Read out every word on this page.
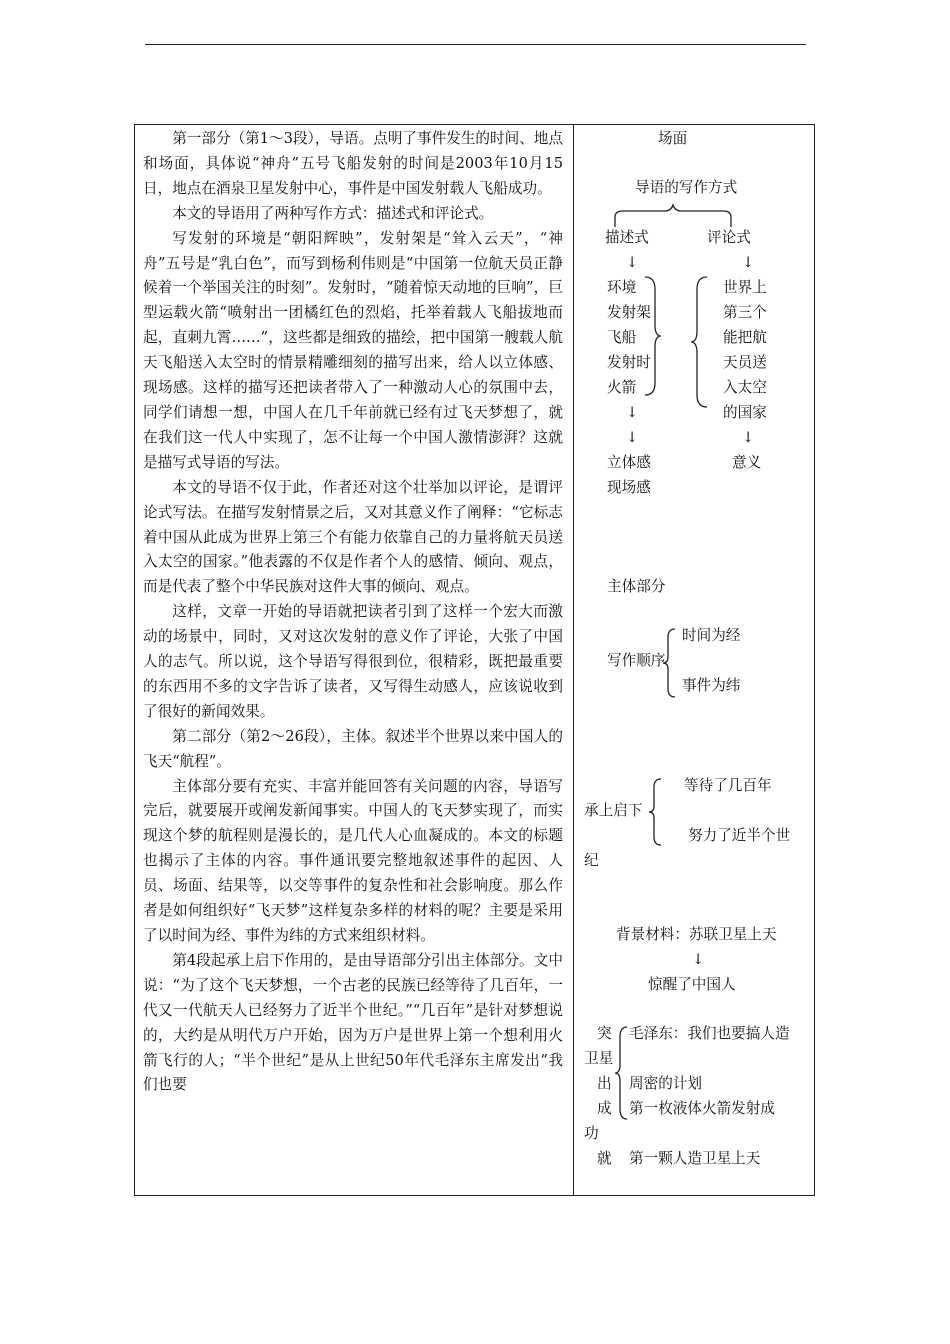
第一部分（第1～3段），导语。点明了事件发生的时间、地点和场面，具体说“神舟”五号飞船发射的时间是2003年10月15日，地点在酒泉卫星发射中心，事件是中国发射载人飞船成功。

本文的导语用了两种写作方式：描述式和评论式。

写发射的环境是“朝阳辉映”，发射架是“耸入云天”，“神舟”五号是“乳白色”，而写到杨利伟则是“中国第一位航天员正静候着一个举国关注的时刻”。发射时，“随着惊天动地的巨响”，巨型运载火箭“喷射出一团橘红色的烈焰，托举着载人飞船拔地而起，直刺九霄……”，这些都是细致的描绘，把中国第一艘载人航天飞船送入太空时的情景精雕细刻的描写出来，给人以立体感、现场感。这样的描写还把读者带入了一种激动人心的氛围中去，同学们请想一想，中国人在几千年前就已经有过飞天梦想了，就在我们这一代人中实现了，怎不让每一个中国人激情澎湃？这就是描写式导语的写法。

本文的导语不仅于此，作者还对这个壮举加以评论，是谓评论式写法。在描写发射情景之后，又对其意义作了阐释：“它标志着中国从此成为世界上第三个有能力依靠自己的力量将航天员送入太空的国家。”他表露的不仅是作者个人的感情、倾向、观点，而是代表了整个中华民族对这件大事的倾向、观点。

这样，文章一开始的导语就把读者引到了这样一个宏大而激动的场景中，同时，又对这次发射的意义作了评论，大张了中国人的志气。所以说，这个导语写得很到位，很精彩，既把最重要的东西用不多的文字告诉了读者，又写得生动感人，应该说收到了很好的新闻效果。

第二部分（第2～26段），主体。叙述半个世界以来中国人的飞天“航程”。

主体部分要有充实、丰富并能回答有关问题的内容，导语写完后，就要展开或阐发新闻事实。中国人的飞天梦实现了，而实现这个梦的航程则是漫长的，是几代人心血凝成的。本文的标题也揭示了主体的内容。事件通讯要完整地叙述事件的起因、人员、场面、结果等，以交等事件的复杂性和社会影响度。那么作者是如何组织好“飞天梦”这样复杂多样的材料的呢？主要是采用了以时间为经、事件为纬的方式来组织材料。

第4段起承上启下作用的，是由导语部分引出主体部分。文中说：“为了这个飞天梦想，一个古老的民族已经等待了几百年，一代又一代航天人已经努力了近半个世纪。”“几百年”是针对梦想说的，大约是从明代万户开始，因为万户是世界上第一个想利用火箭飞行的人；“半个世纪”是从上世纪50年代毛泽东主席发出“我们也要

场面
导语的写作方式
描述式	评论式
↓	↓
环境
发射架
飞船
发射时
火箭
世界上
第三个
能把航
天员送
入太空
的国家
↓
↓	↓
立体感
现场感
意义
主体部分
时间为经
写作顺序
事件为纬
等待了几百年
承上启下
努力了近半个世
纪
背景材料：苏联卫星上天
↓
惊醒了中国人
突
卫星
出
成
功
就
毛泽东：我们也要搞人造
周密的计划
第一枚液体火箭发射成
第一颗人造卫星上天
